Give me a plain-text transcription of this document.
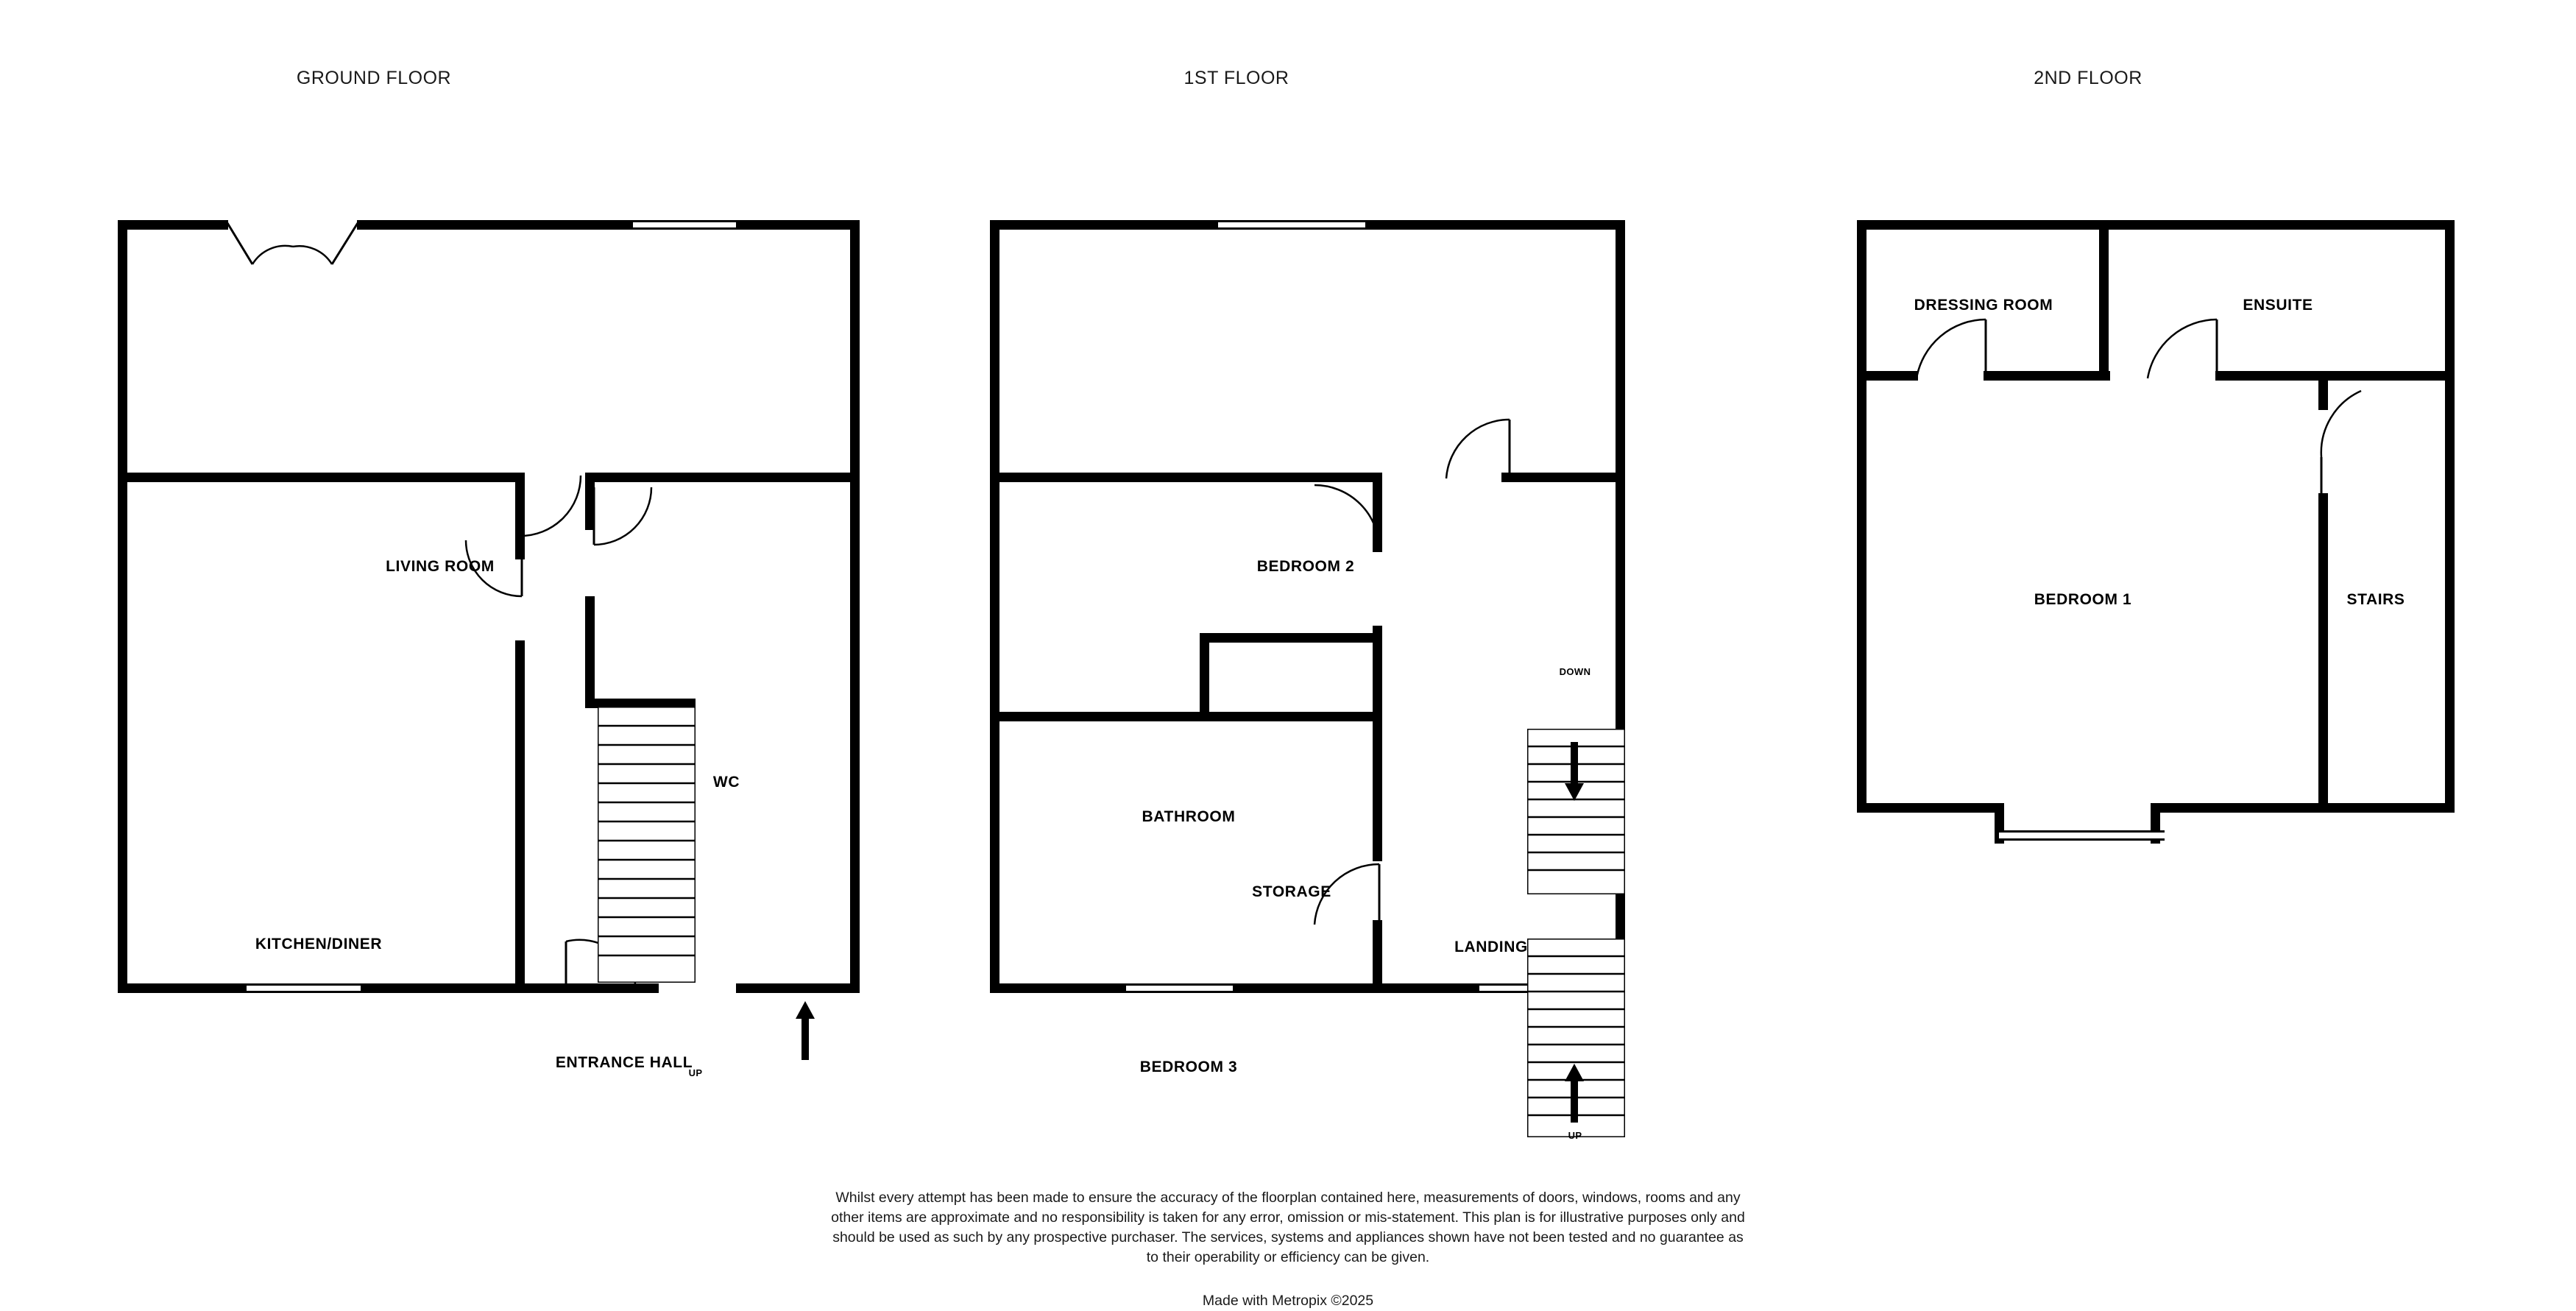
GROUND FLOOR
UP
LIVING ROOM
KITCHEN/DINER
WC
ENTRANCE HALL
1ST FLOOR
DOWN
UP
BEDROOM 2
BATHROOM
STORAGE
LANDING
BEDROOM 3
2ND FLOOR
DRESSING ROOM	ENSUITE
BEDROOM 1	STAIRS
Whilst every attempt has been made to ensure the accuracy of the floorplan contained here, measurements of doors, windows, rooms and any other items are approximate and no responsibility is taken for any error, omission or mis-statement. This plan is for illustrative purposes only and should be used as such by any prospective purchaser. The services, systems and appliances shown have not been tested and no guarantee as to their operability or efficiency can be given.
Made with Metropix ©2025
